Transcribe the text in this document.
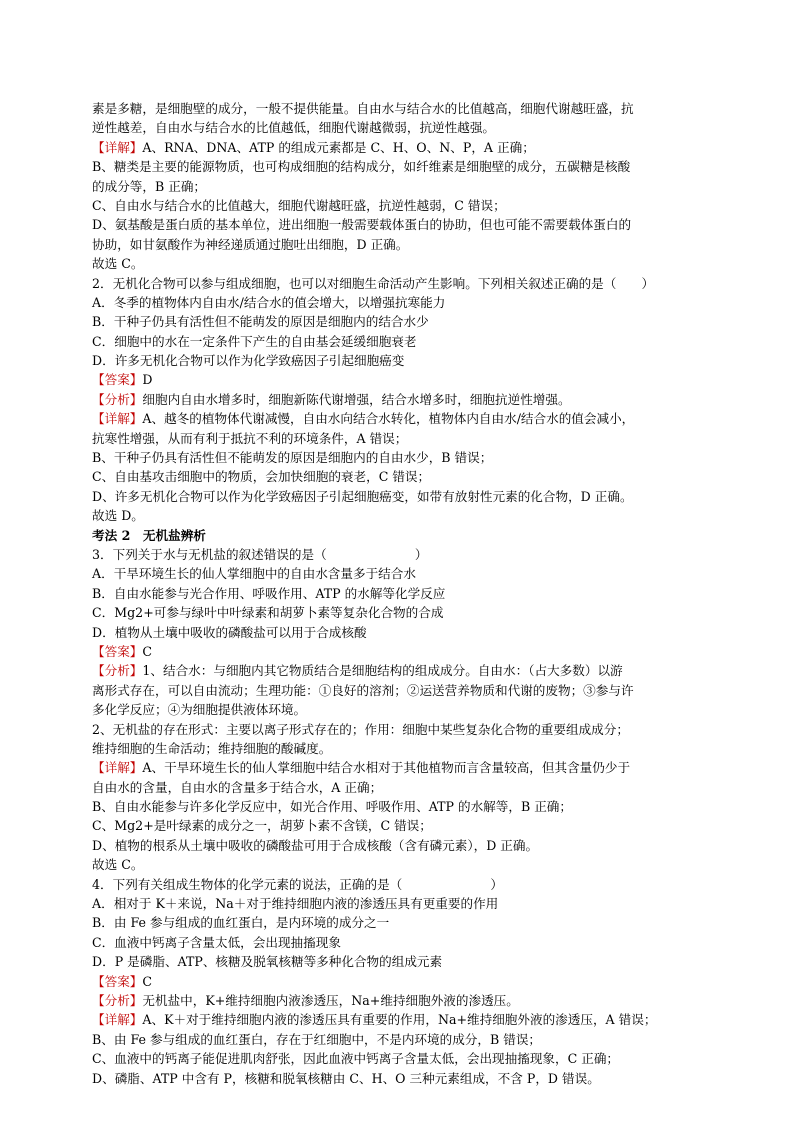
素是多糖，是细胞壁的成分，一般不提供能量。自由水与结合水的比值越高，细胞代谢越旺盛，抗
逆性越差，自由水与结合水的比值越低，细胞代谢越微弱，抗逆性越强。
【详解】A、RNA、DNA、ATP 的组成元素都是 C、H、O、N、P，A 正确；
B、糖类是主要的能源物质，也可构成细胞的结构成分，如纤维素是细胞壁的成分，五碳糖是核酸
的成分等，B 正确；
C、自由水与结合水的比值越大，细胞代谢越旺盛，抗逆性越弱，C 错误；
D、氨基酸是蛋白质的基本单位，进出细胞一般需要载体蛋白的协助，但也可能不需要载体蛋白的
协助，如甘氨酸作为神经递质通过胞吐出细胞，D 正确。
故选 C。
2．无机化合物可以参与组成细胞，也可以对细胞生命活动产生影响。下列相关叙述正确的是（　　）
A．冬季的植物体内自由水/结合水的值会增大，以增强抗寒能力
B．干种子仍具有活性但不能萌发的原因是细胞内的结合水少
C．细胞中的水在一定条件下产生的自由基会延缓细胞衰老
D．许多无机化合物可以作为化学致癌因子引起细胞癌变
【答案】D
【分析】细胞内自由水增多时，细胞新陈代谢增强，结合水增多时，细胞抗逆性增强。
【详解】A、越冬的植物体代谢减慢，自由水向结合水转化，植物体内自由水/结合水的值会减小，
抗寒性增强，从而有利于抵抗不利的环境条件，A 错误；
B、干种子仍具有活性但不能萌发的原因是细胞内的自由水少，B 错误；
C、自由基攻击细胞中的物质，会加快细胞的衰老，C 错误；
D、许多无机化合物可以作为化学致癌因子引起细胞癌变，如带有放射性元素的化合物，D 正确。
故选 D。
考法 2　无机盐辨析
3．下列关于水与无机盐的叙述错误的是（　　　　　　　）
A．干旱环境生长的仙人掌细胞中的自由水含量多于结合水
B．自由水能参与光合作用、呼吸作用、ATP 的水解等化学反应
C．Mg2+可参与绿叶中叶绿素和胡萝卜素等复杂化合物的合成
D．植物从土壤中吸收的磷酸盐可以用于合成核酸
【答案】C
【分析】1、结合水：与细胞内其它物质结合是细胞结构的组成成分。自由水：（占大多数）以游
离形式存在，可以自由流动；生理功能：①良好的溶剂；②运送营养物质和代谢的废物；③参与许
多化学反应；④为细胞提供液体环境。
2、无机盐的存在形式：主要以离子形式存在的；作用：细胞中某些复杂化合物的重要组成成分；
维持细胞的生命活动；维持细胞的酸碱度。
【详解】A、干旱环境生长的仙人掌细胞中结合水相对于其他植物而言含量较高，但其含量仍少于
自由水的含量，自由水的含量多于结合水，A 正确；
B、自由水能参与许多化学反应中，如光合作用、呼吸作用、ATP 的水解等，B 正确；
C、Mg2+是叶绿素的成分之一，胡萝卜素不含镁，C 错误；
D、植物的根系从土壤中吸收的磷酸盐可用于合成核酸（含有磷元素），D 正确。
故选 C。
4．下列有关组成生物体的化学元素的说法，正确的是（　　　　　　　）
A．相对于 K＋来说，Na＋对于维持细胞内液的渗透压具有更重要的作用
B．由 Fe 参与组成的血红蛋白，是内环境的成分之一
C．血液中钙离子含量太低，会出现抽搐现象
D．P 是磷脂、ATP、核糖及脱氧核糖等多种化合物的组成元素
【答案】C
【分析】无机盐中，K+维持细胞内液渗透压，Na+维持细胞外液的渗透压。
【详解】A、K＋对于维持细胞内液的渗透压具有重要的作用，Na+维持细胞外液的渗透压，A 错误；
B、由 Fe 参与组成的血红蛋白，存在于红细胞中，不是内环境的成分，B 错误；
C、血液中的钙离子能促进肌肉舒张，因此血液中钙离子含量太低，会出现抽搐现象，C 正确；
D、磷脂、ATP 中含有 P，核糖和脱氧核糖由 C、H、O 三种元素组成，不含 P，D 错误。
